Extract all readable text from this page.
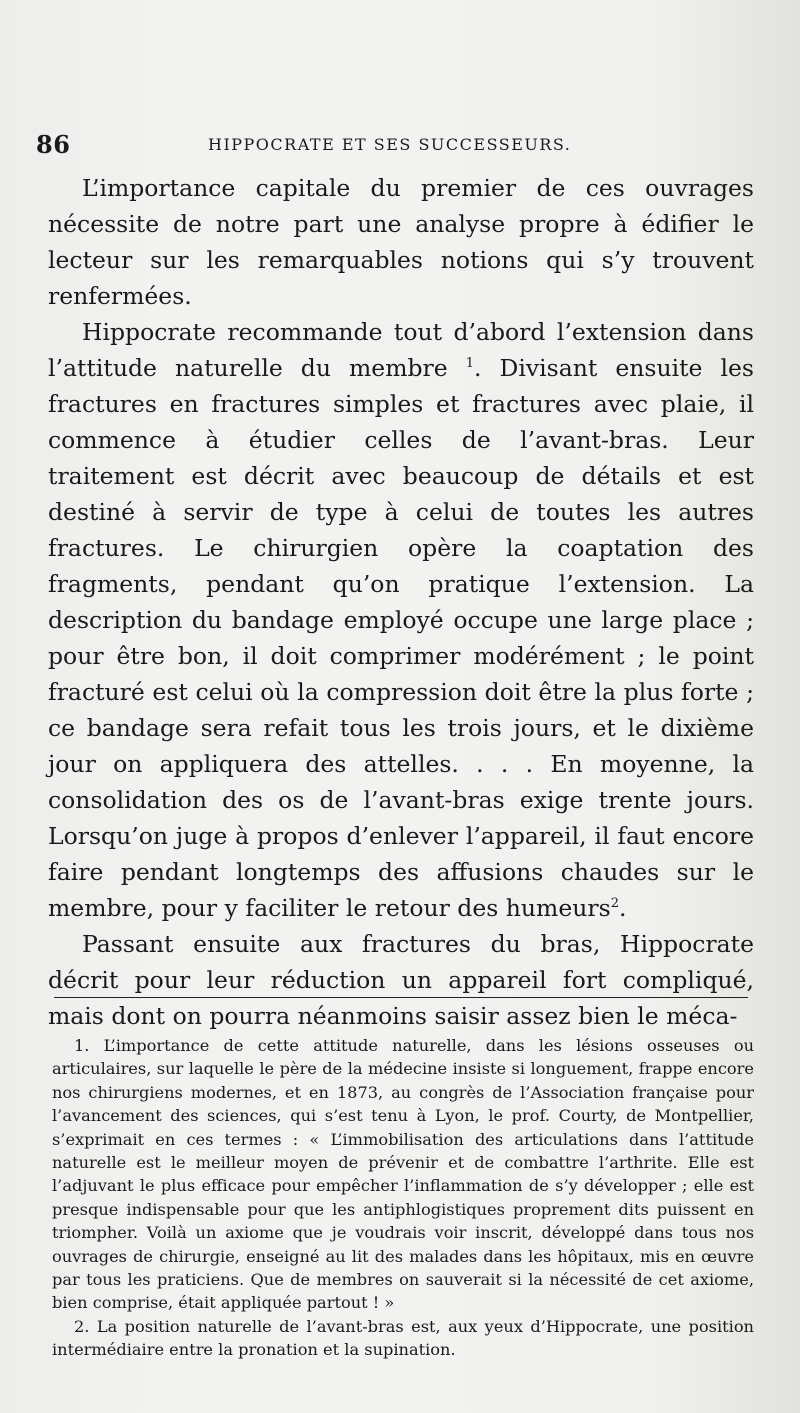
86	HIPPOCRATE ET SES SUCCESSEURS.

L’importance capitale du premier de ces ouvrages nécessite de notre part une analyse propre à édifier le lecteur sur les remarquables notions qui s’y trouvent renfermées.

Hippocrate recommande tout d’abord l’extension dans l’attitude naturelle du membre $^1$. Divisant ensuite les fractures en fractures simples et fractures avec plaie, il commence à étudier celles de l’avant-bras. Leur traitement est décrit avec beaucoup de détails et est destiné à servir de type à celui de toutes les autres fractures. Le chirurgien opère la coaptation des fragments, pendant qu’on pratique l’extension. La description du bandage employé occupe une large place ; pour être bon, il doit comprimer modérément ; le point fracturé est celui où la compression doit être la plus forte ; ce bandage sera refait tous les trois jours, et le dixième jour on appliquera des attelles. . . . En moyenne, la consolidation des os de l’avant-bras exige trente jours. Lorsqu’on juge à propos d’enlever l’appareil, il faut encore faire pendant longtemps des affusions chaudes sur le membre, pour y faciliter le retour des humeurs$^2$.

Passant ensuite aux fractures du bras, Hippocrate décrit pour leur réduction un appareil fort compliqué, mais dont on pourra néanmoins saisir assez bien le méca-

1. L’importance de cette attitude naturelle, dans les lésions osseuses ou articulaires, sur laquelle le père de la médecine insiste si longuement, frappe encore nos chirurgiens modernes, et en 1873, au congrès de l’Association française pour l’avancement des sciences, qui s’est tenu à Lyon, le prof. Courty, de Montpellier, s’exprimait en ces termes : « L’immobilisation des articulations dans l’attitude naturelle est le meilleur moyen de prévenir et de combattre l’arthrite. Elle est l’adjuvant le plus efficace pour empêcher l’inflammation de s’y développer ; elle est presque indispensable pour que les antiphlogistiques proprement dits puissent en triompher. Voilà un axiome que je voudrais voir inscrit, développé dans tous nos ouvrages de chirurgie, enseigné au lit des malades dans les hôpitaux, mis en œuvre par tous les praticiens. Que de membres on sauverait si la nécessité de cet axiome, bien comprise, était appliquée partout ! »

2. La position naturelle de l’avant-bras est, aux yeux d’Hippocrate, une position intermédiaire entre la pronation et la supination.
